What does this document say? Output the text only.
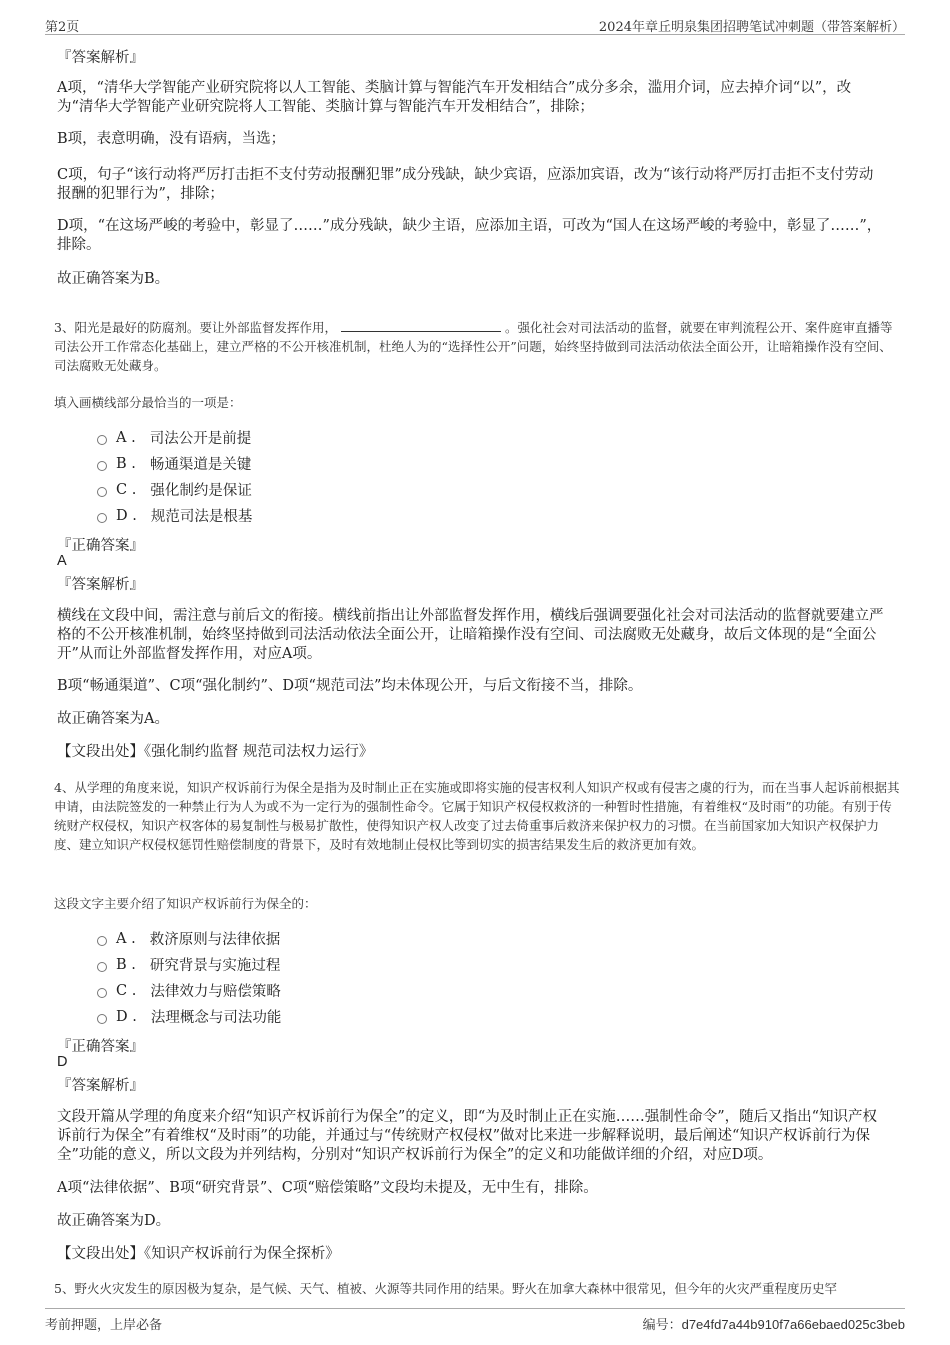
第2页	2024年章丘明泉集团招聘笔试冲刺题（带答案解析）
『答案解析』
A项，“清华大学智能产业研究院将以人工智能、类脑计算与智能汽车开发相结合”成分多余，滥用介词，应去掉介词“以”，改为“清华大学智能产业研究院将人工智能、类脑计算与智能汽车开发相结合”，排除；
B项，表意明确，没有语病，当选；
C项，句子“该行动将严厉打击拒不支付劳动报酬犯罪”成分残缺，缺少宾语，应添加宾语，改为“该行动将严厉打击拒不支付劳动报酬的犯罪行为”，排除；
D项，“在这场严峻的考验中，彰显了……”成分残缺，缺少主语，应添加主语，可改为“国人在这场严峻的考验中，彰显了……”，排除。
故正确答案为B。
3、阳光是最好的防腐剂。要让外部监督发挥作用，	。强化社会对司法活动的监督，就要在审判流程公开、案件庭审直播等司法公开工作常态化基础上，建立严格的不公开核准机制，杜绝人为的“选择性公开”问题，始终坚持做到司法活动依法全面公开，让暗箱操作没有空间、司法腐败无处藏身。
填入画横线部分最恰当的一项是：
A . 司法公开是前提
B . 畅通渠道是关键
C . 强化制约是保证
D . 规范司法是根基
『正确答案』
A
『答案解析』
横线在文段中间，需注意与前后文的衔接。横线前指出让外部监督发挥作用，横线后强调要强化社会对司法活动的监督就要建立严格的不公开核准机制，始终坚持做到司法活动依法全面公开，让暗箱操作没有空间、司法腐败无处藏身，故后文体现的是“全面公开”从而让外部监督发挥作用，对应A项。
B项“畅通渠道”、C项“强化制约”、D项“规范司法”均未体现公开，与后文衔接不当，排除。
故正确答案为A。
【文段出处】《强化制约监督 规范司法权力运行》
4、从学理的角度来说，知识产权诉前行为保全是指为及时制止正在实施或即将实施的侵害权利人知识产权或有侵害之虞的行为，而在当事人起诉前根据其申请，由法院签发的一种禁止行为人为或不为一定行为的强制性命令。它属于知识产权侵权救济的一种暂时性措施，有着维权“及时雨”的功能。有别于传统财产权侵权，知识产权客体的易复制性与极易扩散性，使得知识产权人改变了过去倚重事后救济来保护权力的习惯。在当前国家加大知识产权保护力度、建立知识产权侵权惩罚性赔偿制度的背景下，及时有效地制止侵权比等到切实的损害结果发生后的救济更加有效。
这段文字主要介绍了知识产权诉前行为保全的：
A . 救济原则与法律依据
B . 研究背景与实施过程
C . 法律效力与赔偿策略
D . 法理概念与司法功能
『正确答案』
D
『答案解析』
文段开篇从学理的角度来介绍“知识产权诉前行为保全”的定义，即“为及时制止正在实施……强制性命令”，随后又指出“知识产权诉前行为保全”有着维权“及时雨”的功能，并通过与“传统财产权侵权”做对比来进一步解释说明，最后阐述“知识产权诉前行为保全”功能的意义，所以文段为并列结构，分别对“知识产权诉前行为保全”的定义和功能做详细的介绍，对应D项。
A项“法律依据”、B项“研究背景”、C项“赔偿策略”文段均未提及，无中生有，排除。
故正确答案为D。
【文段出处】《知识产权诉前行为保全探析》
5、野火火灾发生的原因极为复杂，是气候、天气、植被、火源等共同作用的结果。野火在加拿大森林中很常见，但今年的火灾严重程度历史罕
考前押题，上岸必备	编号：d7e4fd7a44b910f7a66ebaed025c3beb
